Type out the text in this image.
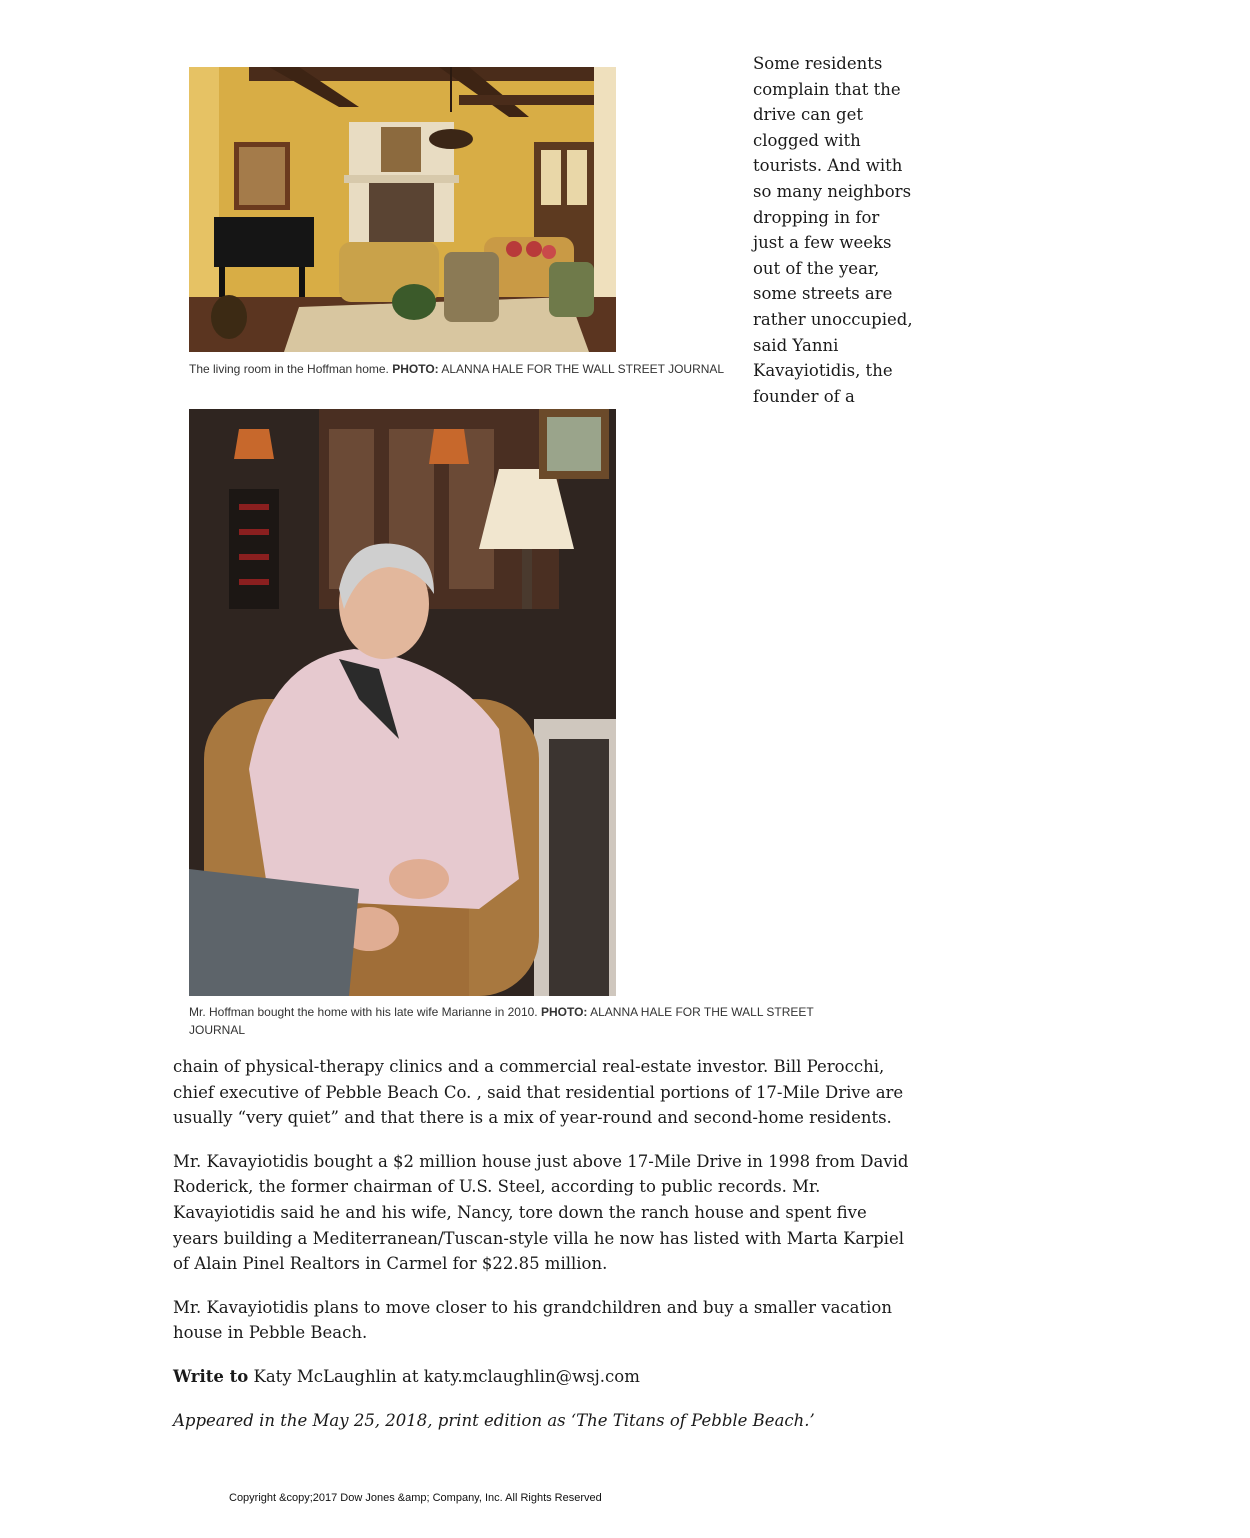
The living room in the Hoffman home. PHOTO: ALANNA HALE FOR THE WALL STREET JOURNAL

Some residents complain that the drive can get clogged with tourists. And with so many neighbors dropping in for just a few weeks out of the year, some streets are rather unoccupied, said Yanni Kavayiotidis, the founder of a

Mr. Hoffman bought the home with his late wife Marianne in 2010. PHOTO: ALANNA HALE FOR THE WALL STREET JOURNAL

chain of physical-therapy clinics and a commercial real-estate investor. Bill Perocchi, chief executive of Pebble Beach Co. , said that residential portions of 17-Mile Drive are usually “very quiet” and that there is a mix of year-round and second-home residents.

Mr. Kavayiotidis bought a $2 million house just above 17-Mile Drive in 1998 from David Roderick, the former chairman of U.S. Steel, according to public records. Mr. Kavayiotidis said he and his wife, Nancy, tore down the ranch house and spent five years building a Mediterranean/Tuscan-style villa he now has listed with Marta Karpiel of Alain Pinel Realtors in Carmel for $22.85 million.

Mr. Kavayiotidis plans to move closer to his grandchildren and buy a smaller vacation house in Pebble Beach.

Write to Katy McLaughlin at katy.mclaughlin@wsj.com

Appeared in the May 25, 2018, print edition as ‘The Titans of Pebble Beach.’

Copyright &copy;2017 Dow Jones &amp; Company, Inc. All Rights Reserved
